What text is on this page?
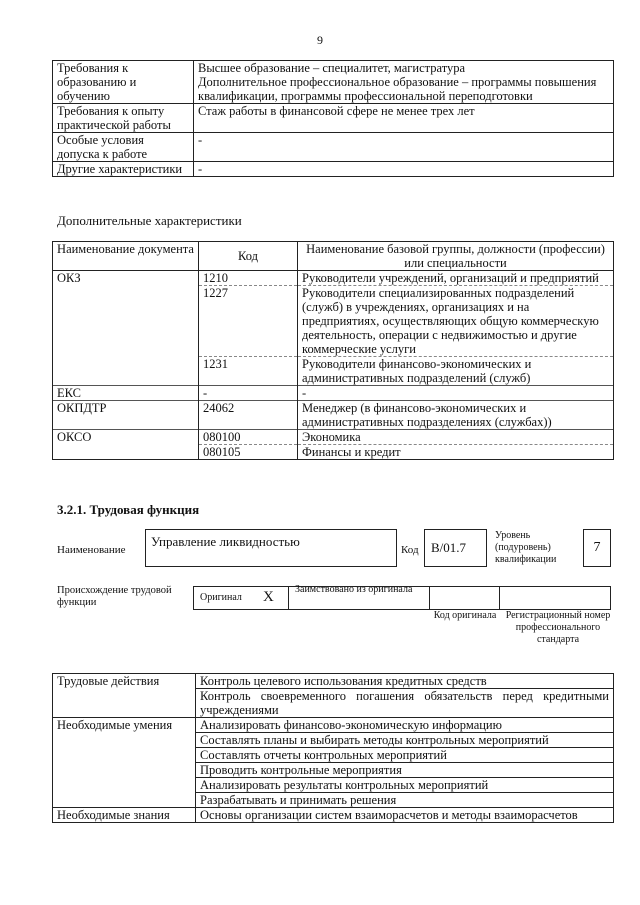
9
Требования к образованию и обучению	Высшее образование – специалитет, магистратура
Дополнительное профессиональное образование – программы повышения квалификации, программы профессиональной переподготовки

Требования к опыту практической работы	Стаж работы в финансовой сфере не менее трех лет
Особые условия допуска к работе	-
Другие характеристики	-
Дополнительные характеристики
Наименование документа	Код	Наименование базовой группы, должности (профессии) или специальности
ОКЗ	1210	Руководители учреждений, организаций и предприятий
	1227	Руководители специализированных подразделений (служб) в учреждениях, организациях и на предприятиях, осуществляющих общую коммерческую деятельность, операции с недвижимостью и другие коммерческие услуги
	1231	Руководители финансово-экономических и административных подразделений (служб)
ЕКС	-	-
ОКПДТР	24062	Менеджер (в финансово-экономических и административных подразделениях (службах))
ОКСО	080100	Экономика
	080105	Финансы и кредит
3.2.1. Трудовая функция
Наименование
Управление ликвидностью
Код B/01.7
Уровень (подуровень) квалификации
7
Происхождение трудовой функции	Оригинал X Заимствовано из оригинала
Код оригинала Регистрационный номер профессионального стандарта
Трудовые действия	Контроль целевого использования кредитных средств
	Контроль своевременного погашения обязательств перед кредитными учреждениями
Необходимые умения	Анализировать финансово-экономическую информацию
	Составлять планы и выбирать методы контрольных мероприятий
	Составлять отчеты контрольных мероприятий
	Проводить контрольные мероприятия
	Анализировать результаты контрольных мероприятий
	Разрабатывать и принимать решения
Необходимые знания	Основы организации систем взаиморасчетов и методы взаиморасчетов
